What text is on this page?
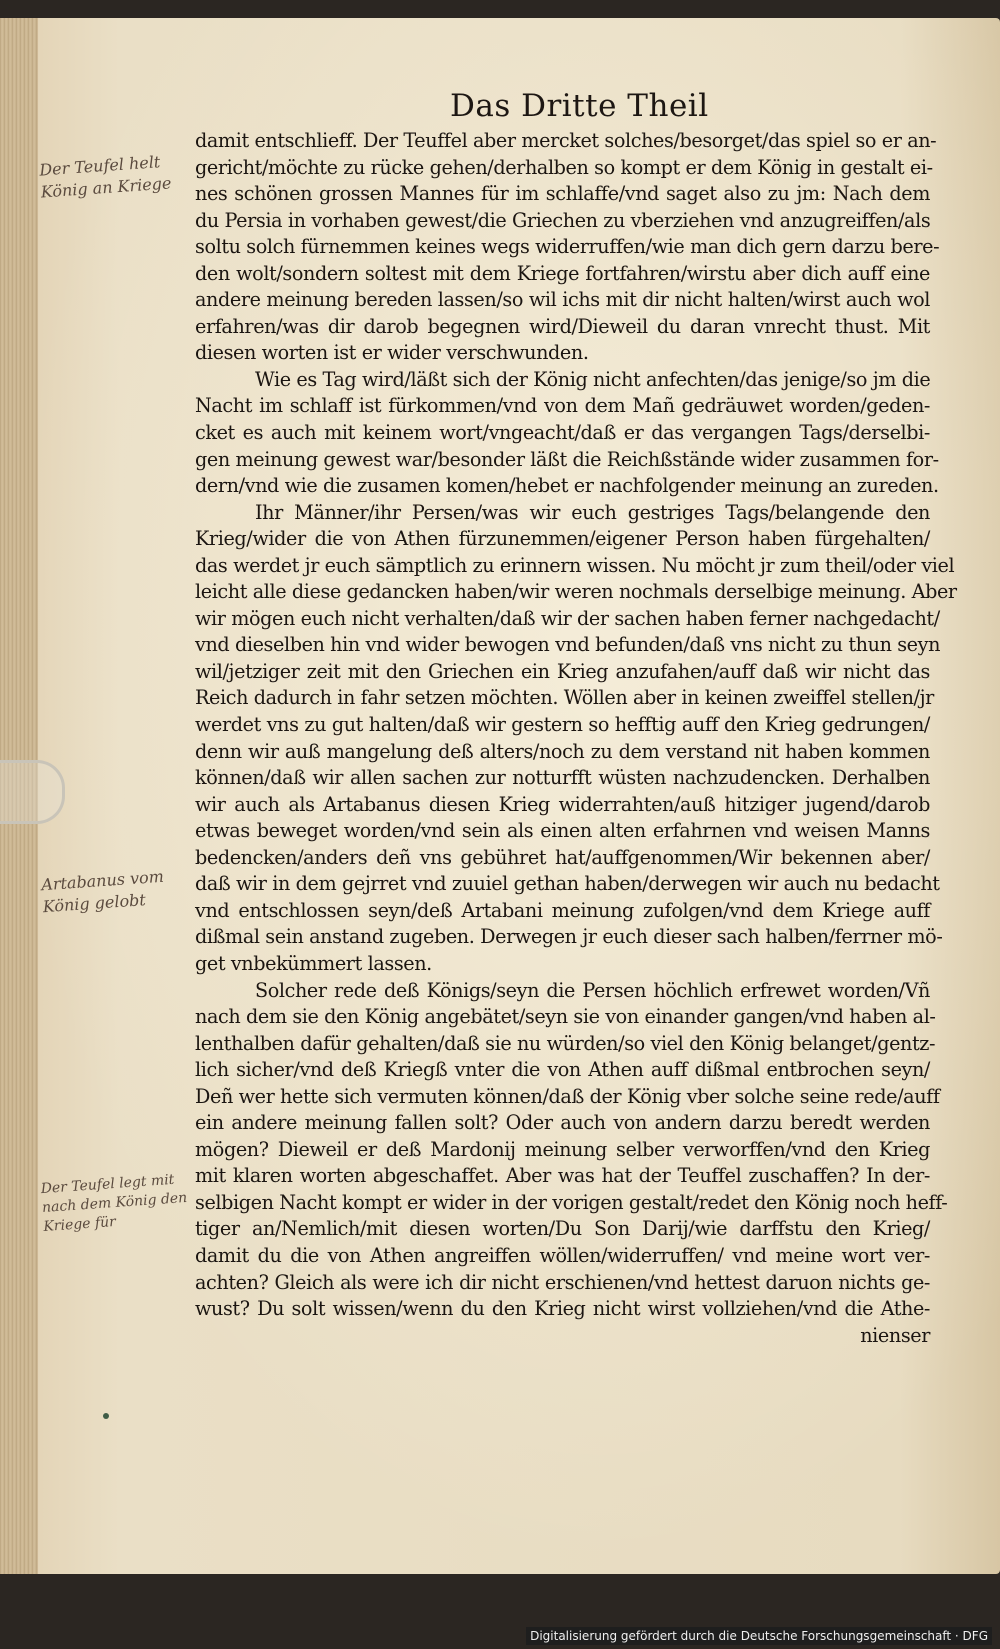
Das Dritte Theil
Der Teufel helt
König an Kriege
Artabanus vom
König gelobt
Der Teufel legt mit
nach dem König den
Kriege für
damit entschlieff. Der Teuffel aber mercket solches/besorget/das spiel so er an-
gericht/möchte zu rücke gehen/derhalben so kompt er dem König in gestalt ei-
nes schönen grossen Mannes für im schlaffe/vnd saget also zu jm: Nach dem
du Persia in vorhaben gewest/die Griechen zu vberziehen vnd anzugreiffen/als
soltu solch fürnemmen keines wegs widerruffen/wie man dich gern darzu bere-
den wolt/sondern soltest mit dem Kriege fortfahren/wirstu aber dich auff eine
andere meinung bereden lassen/so wil ichs mit dir nicht halten/wirst auch wol
erfahren/was dir darob begegnen wird/Dieweil du daran vnrecht thust. Mit
diesen worten ist er wider verschwunden.
Wie es Tag wird/läßt sich der König nicht anfechten/das jenige/so jm die
Nacht im schlaff ist fürkommen/vnd von dem Mañ gedräuwet worden/geden-
cket es auch mit keinem wort/vngeacht/daß er das vergangen Tags/derselbi-
gen meinung gewest war/besonder läßt die Reichßstände wider zusammen for-
dern/vnd wie die zusamen komen/hebet er nachfolgender meinung an zureden.
Ihr Männer/ihr Persen/was wir euch gestriges Tags/belangende den
Krieg/wider die von Athen fürzunemmen/eigener Person haben fürgehalten/
das werdet jr euch sämptlich zu erinnern wissen. Nu möcht jr zum theil/oder viel
leicht alle diese gedancken haben/wir weren nochmals derselbige meinung. Aber
wir mögen euch nicht verhalten/daß wir der sachen haben ferner nachgedacht/
vnd dieselben hin vnd wider bewogen vnd befunden/daß vns nicht zu thun seyn
wil/jetziger zeit mit den Griechen ein Krieg anzufahen/auff daß wir nicht das
Reich dadurch in fahr setzen möchten. Wöllen aber in keinen zweiffel stellen/jr
werdet vns zu gut halten/daß wir gestern so hefftig auff den Krieg gedrungen/
denn wir auß mangelung deß alters/noch zu dem verstand nit haben kommen
können/daß wir allen sachen zur notturfft wüsten nachzudencken. Derhalben
wir auch als Artabanus diesen Krieg widerrahten/auß hitziger jugend/darob
etwas beweget worden/vnd sein als einen alten erfahrnen vnd weisen Manns
bedencken/anders deñ vns gebühret hat/auffgenommen/Wir bekennen aber/
daß wir in dem gejrret vnd zuuiel gethan haben/derwegen wir auch nu bedacht
vnd entschlossen seyn/deß Artabani meinung zufolgen/vnd dem Kriege auff
dißmal sein anstand zugeben. Derwegen jr euch dieser sach halben/ferrner mö-
get vnbekümmert lassen.
Solcher rede deß Königs/seyn die Persen höchlich erfrewet worden/Vñ
nach dem sie den König angebätet/seyn sie von einander gangen/vnd haben al-
lenthalben dafür gehalten/daß sie nu würden/so viel den König belanget/gentz-
lich sicher/vnd deß Kriegß vnter die von Athen auff dißmal entbrochen seyn/
Deñ wer hette sich vermuten können/daß der König vber solche seine rede/auff
ein andere meinung fallen solt? Oder auch von andern darzu beredt werden
mögen? Dieweil er deß Mardonij meinung selber verworffen/vnd den Krieg
mit klaren worten abgeschaffet. Aber was hat der Teuffel zuschaffen? In der-
selbigen Nacht kompt er wider in der vorigen gestalt/redet den König noch heff-
tiger an/Nemlich/mit diesen worten/Du Son Darij/wie darffstu den Krieg/
damit du die von Athen angreiffen wöllen/widerruffen/ vnd meine wort ver-
achten? Gleich als were ich dir nicht erschienen/vnd hettest daruon nichts ge-
wust? Du solt wissen/wenn du den Krieg nicht wirst vollziehen/vnd die Athe-
nienser
Digitalisierung gefördert durch die Deutsche Forschungsgemeinschaft · DFG
